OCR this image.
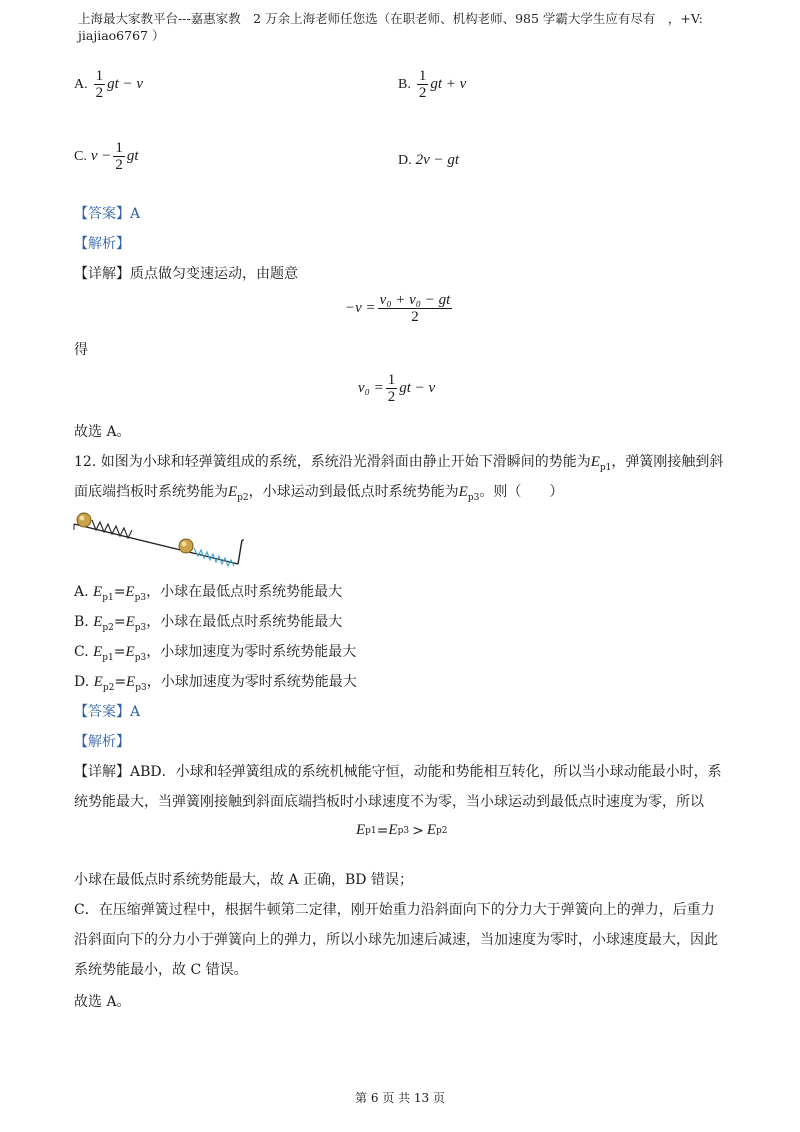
上海最大家教平台---嘉惠家教　2 万余上海老师任您选（在职老师、机构老师、985 学霸大学生应有尽有　，+V:
jiajiao6767 ）
A. $\frac{1}{2}$ gt − v	B. $\frac{1}{2}$ gt + v
C. $v - \frac{1}{2}$ gt	D. 2v − gt
【答案】A
【解析】
【详解】质点做匀变速运动，由题意
$-v = \frac{\text{v₀ + v₀ − gt}}{2}$
得
$v_0 = \frac{1}{2}$ gt − v
故选 A。
12. 如图为小球和轻弹簧组成的系统，系统沿光滑斜面由静止开始下滑瞬间的势能为$E_{p1}$，弹簧刚接触到斜
面底端挡板时系统势能为$E_{p2}$，小球运动到最低点时系统势能为$E_{p3}$。则（　　）
A. $E_{p1}=E_{p3}$，小球在最低点时系统势能最大
B. $E_{p2}=E_{p3}$，小球在最低点时系统势能最大
C. $E_{p1}=E_{p3}$，小球加速度为零时系统势能最大
D. $E_{p2}=E_{p3}$，小球加速度为零时系统势能最大
【答案】A
【解析】
【详解】ABD．小球和轻弹簧组成的系统机械能守恒，动能和势能相互转化，所以当小球动能最小时，系
统势能最大，当弹簧刚接触到斜面底端挡板时小球速度不为零，当小球运动到最低点时速度为零，所以
E p1 = E p3 > E p2
小球在最低点时系统势能最大，故 A 正确，BD 错误；
C．在压缩弹簧过程中，根据牛顿第二定律，刚开始重力沿斜面向下的分力大于弹簧向上的弹力，后重力
沿斜面向下的分力小于弹簧向上的弹力，所以小球先加速后减速，当加速度为零时，小球速度最大，因此
系统势能最小，故 C 错误。
故选 A。
第 6 页 共 13 页
